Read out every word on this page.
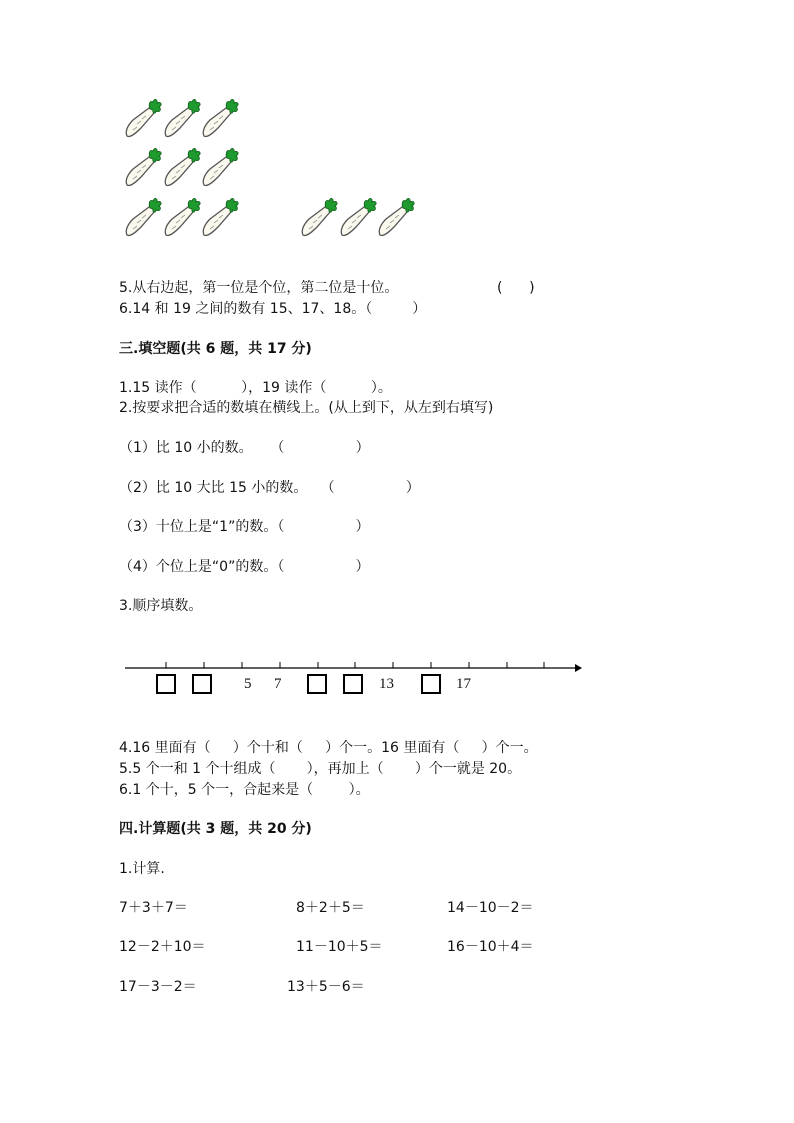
5.从右边起，第一位是个位，第二位是十位。	(      )
6.14 和 19 之间的数有 15、17、18。（         ）
三.填空题(共 6 题，共 17 分)
1.15 读作（          ），19 读作（          ）。
2.按要求把合适的数填在横线上。(从上到下，从左到右填写)
（1）比 10 小的数。    （                ）
（2）比 10 大比 15 小的数。   （                ）
（3）十位上是“1”的数。（                ）
（4）个位上是“0”的数。（                ）
3.顺序填数。
5 7	13	17
4.16 里面有（     ）个十和（     ）个一。16 里面有（     ）个一。
5.5 个一和 1 个十组成（       ），再加上（       ）个一就是 20。
6.1 个十，5 个一，合起来是（        ）。
四.计算题(共 3 题，共 20 分)
1.计算.
7＋3＋7＝	8＋2＋5＝	14－10－2＝
12－2＋10＝	11－10＋5＝	16－10＋4＝
17－3－2＝	13＋5－6＝
